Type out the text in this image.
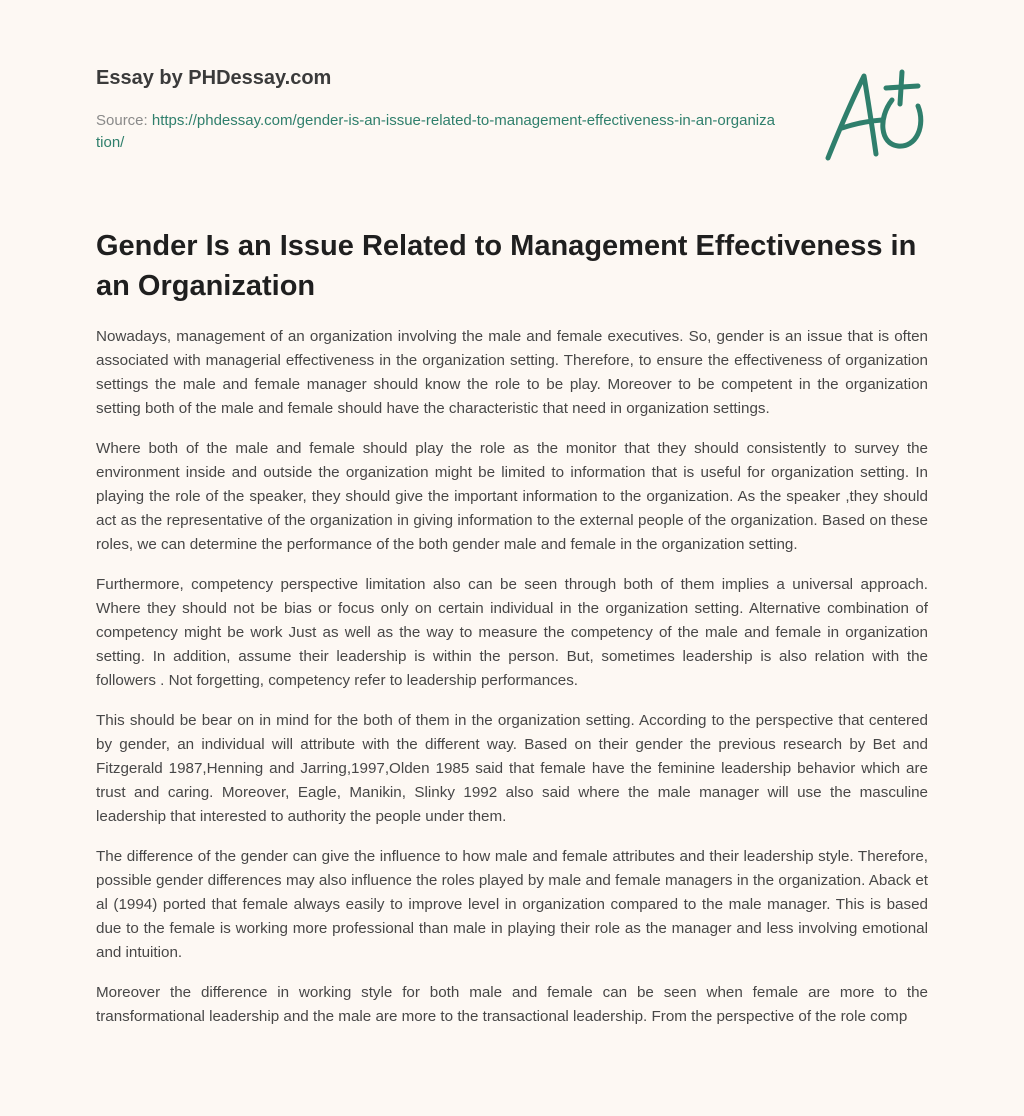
Essay by PHDessay.com

Source: https://phdessay.com/gender-is-an-issue-related-to-management-effectiveness-in-an-organization/
Gender Is an Issue Related to Management Effectiveness in an Organization

Nowadays, management of an organization involving the male and female executives. So, gender is an issue that is often associated with managerial effectiveness in the organization setting. Therefore, to ensure the effectiveness of organization settings the male and female manager should know the role to be play. Moreover to be competent in the organization setting both of the male and female should have the characteristic that need in organization settings.

Where both of the male and female should play the role as the monitor that they should consistently to survey the environment inside and outside the organization might be limited to information that is useful for organization setting. In playing the role of the speaker, they should give the important information to the organization. As the speaker ,they should act as the representative of the organization in giving information to the external people of the organization. Based on these roles, we can determine the performance of the both gender male and female in the organization setting.

Furthermore, competency perspective limitation also can be seen through both of them implies a universal approach. Where they should not be bias or focus only on certain individual in the organization setting. Alternative combination of competency might be work Just as well as the way to measure the competency of the male and female in organization setting. In addition, assume their leadership is within the person. But, sometimes leadership is also relation with the followers . Not forgetting, competency refer to leadership performances.

This should be bear on in mind for the both of them in the organization setting. According to the perspective that centered by gender, an individual will attribute with the different way. Based on their gender the previous research by Bet and Fitzgerald 1987,Henning and Jarring,1997,Olden 1985 said that female have the feminine leadership behavior which are trust and caring. Moreover, Eagle, Manikin, Slinky 1992 also said where the male manager will use the masculine leadership that interested to authority the people under them.

The difference of the gender can give the influence to how male and female attributes and their leadership style. Therefore, possible gender differences may also influence the roles played by male and female managers in the organization. Aback et al (1994) ported that female always easily to improve level in organization compared to the male manager. This is based due to the female is working more professional than male in playing their role as the manager and less involving emotional and intuition.

Moreover the difference in working style for both male and female can be seen when female are more to the transformational leadership and the male are more to the transactional leadership. From the perspective of the role comp
